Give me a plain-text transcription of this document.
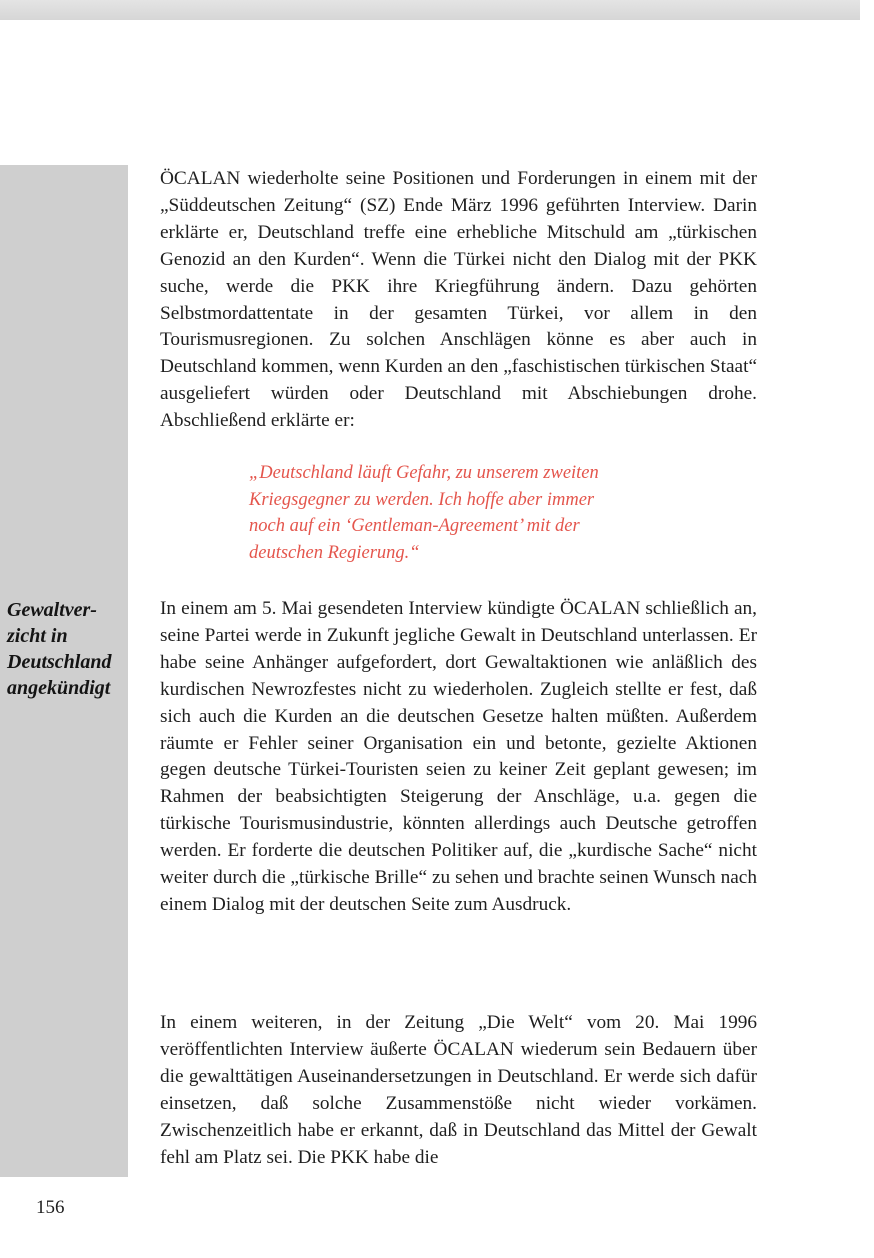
ÖCALAN wiederholte seine Positionen und Forderungen in einem mit der „Süddeutschen Zeitung“ (SZ) Ende März 1996 geführten Interview. Darin erklärte er, Deutschland treffe eine erhebliche Mitschuld am „türkischen Genozid an den Kurden“. Wenn die Türkei nicht den Dialog mit der PKK suche, werde die PKK ihre Kriegführung ändern. Dazu gehörten Selbstmordattentate in der gesamten Türkei, vor allem in den Tourismusregionen. Zu solchen Anschlägen könne es aber auch in Deutschland kommen, wenn Kurden an den „faschistischen türkischen Staat“ ausgeliefert würden oder Deutschland mit Abschiebungen drohe. Abschließend erklärte er:

„Deutschland läuft Gefahr, zu unserem zweiten
Kriegsgegner zu werden. Ich hoffe aber immer
noch auf ein ‘Gentleman-Agreement’ mit der
deutschen Regierung.“
Gewaltver-
zicht in
Deutschland
angekündigt

In einem am 5. Mai gesendeten Interview kündigte ÖCALAN schließlich an, seine Partei werde in Zukunft jegliche Gewalt in Deutschland unterlassen. Er habe seine Anhänger aufgefordert, dort Gewaltaktionen wie anläßlich des kurdischen Newrozfestes nicht zu wiederholen. Zugleich stellte er fest, daß sich auch die Kurden an die deutschen Gesetze halten müßten. Außerdem räumte er Fehler seiner Organisation ein und betonte, gezielte Aktionen gegen deutsche Türkei-Touristen seien zu keiner Zeit geplant gewesen; im Rahmen der beabsichtigten Steigerung der Anschläge, u.a. gegen die türkische Tourismusindustrie, könnten allerdings auch Deutsche getroffen werden. Er forderte die deutschen Politiker auf, die „kurdische Sache“ nicht weiter durch die „türkische Brille“ zu sehen und brachte seinen Wunsch nach einem Dialog mit der deutschen Seite zum Ausdruck.

In einem weiteren, in der Zeitung „Die Welt“ vom 20. Mai 1996 veröffentlichten Interview äußerte ÖCALAN wiederum sein Bedauern über die gewalttätigen Auseinandersetzungen in Deutschland. Er werde sich dafür einsetzen, daß solche Zusammenstöße nicht wieder vorkämen. Zwischenzeitlich habe er erkannt, daß in Deutschland das Mittel der Gewalt fehl am Platz sei. Die PKK habe die

156
